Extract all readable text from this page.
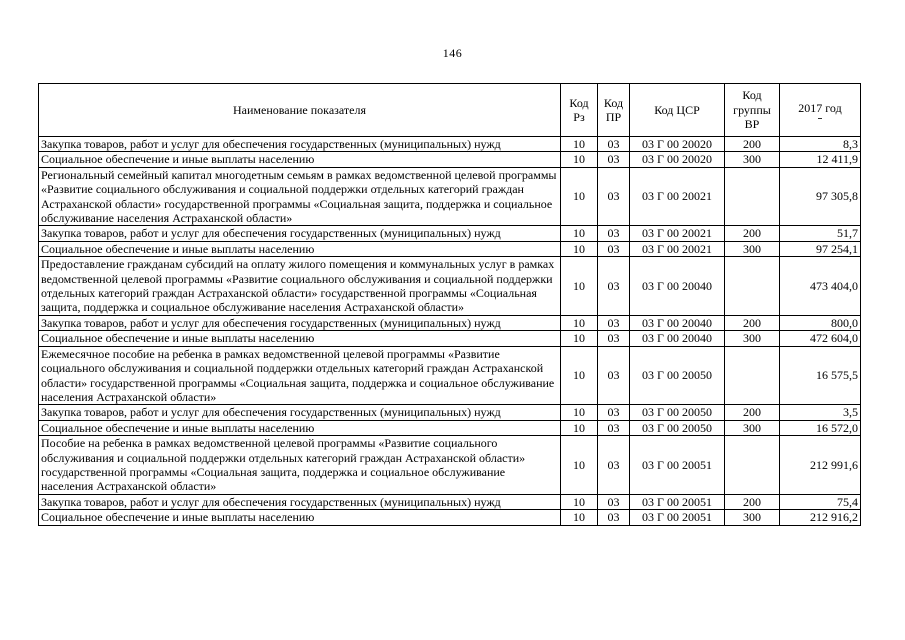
146
Наименование показателя	Код Рз	Код ПР	Код ЦСР	Код группы ВР	2017 год

Закупка товаров, работ и услуг для обеспечения государственных (муниципальных) нужд	10	03	03 Г 00 20020	200	8,3
Социальное обеспечение и иные выплаты населению	10	03	03 Г 00 20020	300	12 411,9
Региональный семейный капитал многодетным семьям в рамках ведомственной целевой программы «Развитие социального обслуживания и социальной поддержки отдельных категорий граждан Астраханской области» государственной программы «Социальная защита, поддержка и социальное обслуживание населения Астраханской области»	10	03	03 Г 00 20021		97 305,8
Закупка товаров, работ и услуг для обеспечения государственных (муниципальных) нужд	10	03	03 Г 00 20021	200	51,7
Социальное обеспечение и иные выплаты населению	10	03	03 Г 00 20021	300	97 254,1
Предоставление гражданам субсидий на оплату жилого помещения и коммунальных услуг в рамках ведомственной целевой программы «Развитие социального обслуживания и социальной поддержки отдельных категорий граждан Астраханской области» государственной программы «Социальная защита, поддержка и социальное обслуживание населения Астраханской области»	10	03	03 Г 00 20040		473 404,0
Закупка товаров, работ и услуг для обеспечения государственных (муниципальных) нужд	10	03	03 Г 00 20040	200	800,0
Социальное обеспечение и иные выплаты населению	10	03	03 Г 00 20040	300	472 604,0
Ежемесячное пособие на ребенка в рамках ведомственной целевой программы «Развитие социального обслуживания и социальной поддержки отдельных категорий граждан Астраханской области» государственной программы «Социальная защита, поддержка и социальное обслуживание населения Астраханской области»	10	03	03 Г 00 20050		16 575,5
Закупка товаров, работ и услуг для обеспечения государственных (муниципальных) нужд	10	03	03 Г 00 20050	200	3,5
Социальное обеспечение и иные выплаты населению	10	03	03 Г 00 20050	300	16 572,0
Пособие на ребенка в рамках ведомственной целевой программы «Развитие социального обслуживания и социальной поддержки отдельных категорий граждан Астраханской области» государственной программы «Социальная защита, поддержка и социальное обслуживание населения Астраханской области»	10	03	03 Г 00 20051		212 991,6
Закупка товаров, работ и услуг для обеспечения государственных (муниципальных) нужд	10	03	03 Г 00 20051	200	75,4
Социальное обеспечение и иные выплаты населению	10	03	03 Г 00 20051	300	212 916,2
